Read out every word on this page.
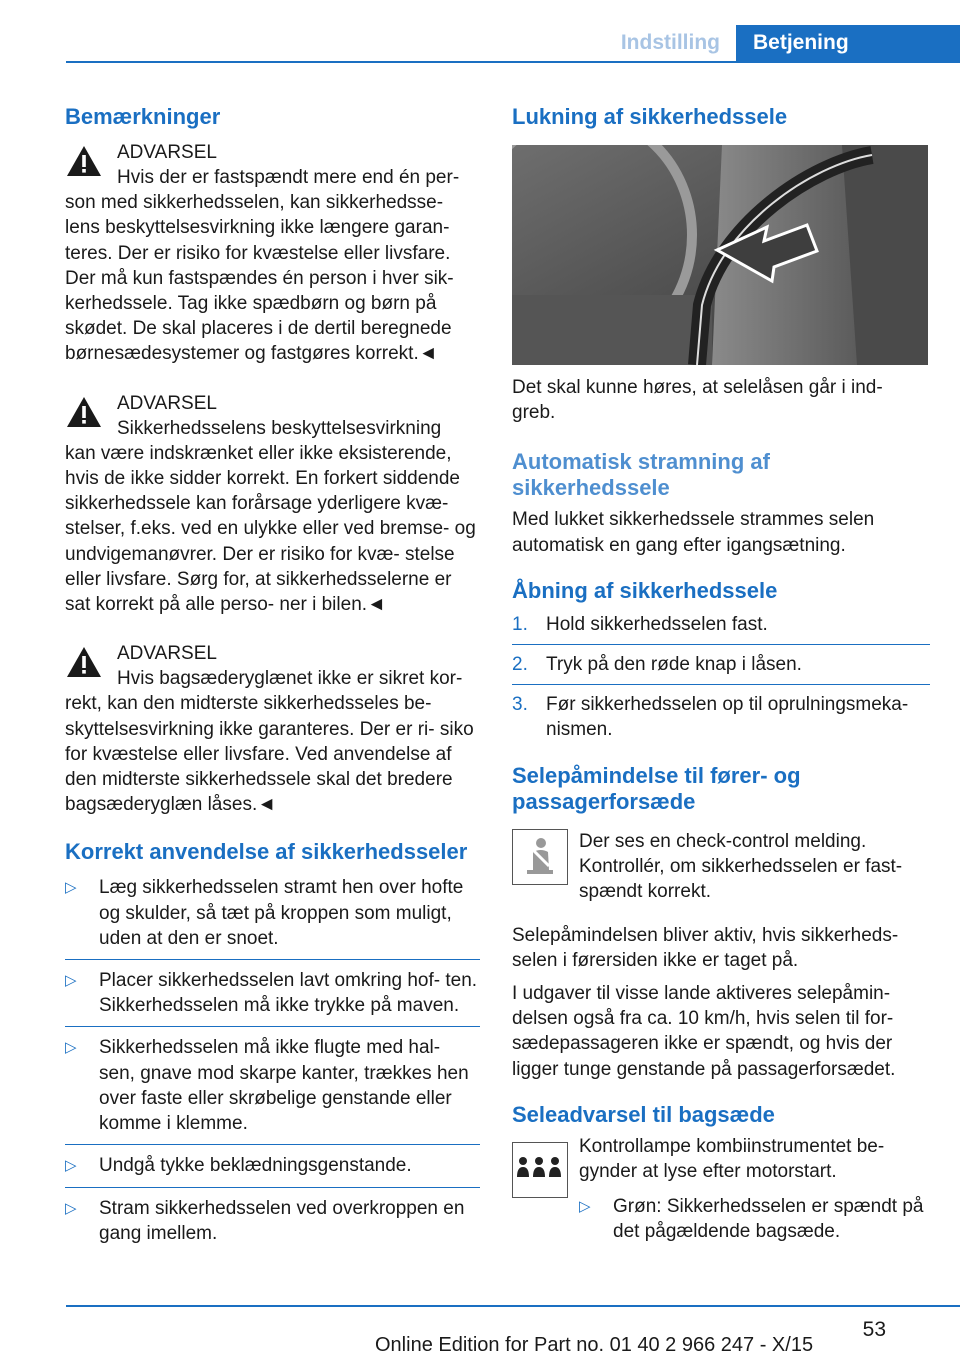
Indstilling	Betjening
Bemærkninger
ADVARSEL
Hvis der er fastspændt mere end én per‐
son med sikkerhedsselen, kan sikkerhedsse‐ lens beskyttelsesvirkning ikke længere garan‐ teres. Der er risiko for kvæstelse eller livsfare. Der må kun fastspændes én person i hver sik‐ kerhedssele. Tag ikke spædbørn og børn på skødet. De skal placeres i de dertil beregnede børnesædesystemer og fastgøres korrekt.◄
ADVARSEL
Sikkerhedsselens beskyttelsesvirkning
kan være indskrænket eller ikke eksisterende, hvis de ikke sidder korrekt. En forkert siddende sikkerhedssele kan forårsage yderligere kvæ‐ stelser, f.eks. ved en ulykke eller ved bremse‐ og undvigemanøvrer. Der er risiko for kvæ‐ stelse eller livsfare. Sørg for, at sikkerhedsselerne er sat korrekt på alle perso‐ ner i bilen.◄
ADVARSEL
Hvis bagsæderyglænet ikke er sikret kor‐
rekt, kan den midterste sikkerhedsseles be‐ skyttelsesvirkning ikke garanteres. Der er ri‐ siko for kvæstelse eller livsfare. Ved anvendelse af den midterste sikkerhedssele skal det bredere bagsæderyglæn låses.◄
Korrekt anvendelse af sikkerhedsseler
▷ Læg sikkerhedsselen stramt hen over hofte og skulder, så tæt på kroppen som muligt, uden at den er snoet.
▷ Placer sikkerhedsselen lavt omkring hof‐ ten. Sikkerhedsselen må ikke trykke på maven.
▷ Sikkerhedsselen må ikke flugte med hal‐ sen, gnave mod skarpe kanter, trækkes hen over faste eller skrøbelige genstande eller komme i klemme.
▷ Undgå tykke beklædningsgenstande.
▷ Stram sikkerhedsselen ved overkroppen en gang imellem.
Lukning af sikkerhedssele
Det skal kunne høres, at selelåsen går i ind‐ greb.
Automatisk stramning af sikkerhedssele
Med lukket sikkerhedssele strammes selen automatisk en gang efter igangsætning.
Åbning af sikkerhedssele
1. Hold sikkerhedsselen fast.
2. Tryk på den røde knap i låsen.
3. Før sikkerhedsselen op til oprulningsmeka‐ nismen.
Selepåmindelse til fører- og passagerforsæde
Der ses en check-control melding. Kontrollér, om sikkerhedsselen er fast‐ spændt korrekt.
Selepåmindelsen bliver aktiv, hvis sikkerheds‐ selen i førersiden ikke er taget på.
I udgaver til visse lande aktiveres selepåmin‐ delsen også fra ca. 10 km/h, hvis selen til for‐ sædepassageren ikke er spændt, og hvis der ligger tunge genstande på passagerforsædet.
Seleadvarsel til bagsæde
Kontrollampe kombiinstrumentet be‐ gynder at lyse efter motorstart.
▷ Grøn: Sikkerhedsselen er spændt på det pågældende bagsæde.
53
Online Edition for Part no. 01 40 2 966 247 - X/15
